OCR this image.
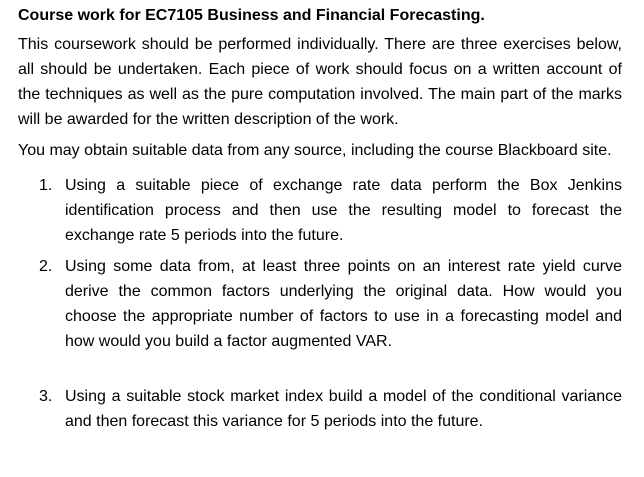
Course work for EC7105 Business and Financial Forecasting.

This coursework should be performed individually. There are three exercises below, all should be undertaken. Each piece of work should focus on a written account of the techniques as well as the pure computation involved. The main part of the marks will be awarded for the written description of the work.

You may obtain suitable data from any source, including the course Blackboard site.

1. Using a suitable piece of exchange rate data perform the Box Jenkins identification process and then use the resulting model to forecast the exchange rate 5 periods into the future.
2. Using some data from, at least three points on an interest rate yield curve derive the common factors underlying the original data. How would you choose the appropriate number of factors to use in a forecasting model and how would you build a factor augmented VAR.
3. Using a suitable stock market index build a model of the conditional variance and then forecast this variance for 5 periods into the future.
